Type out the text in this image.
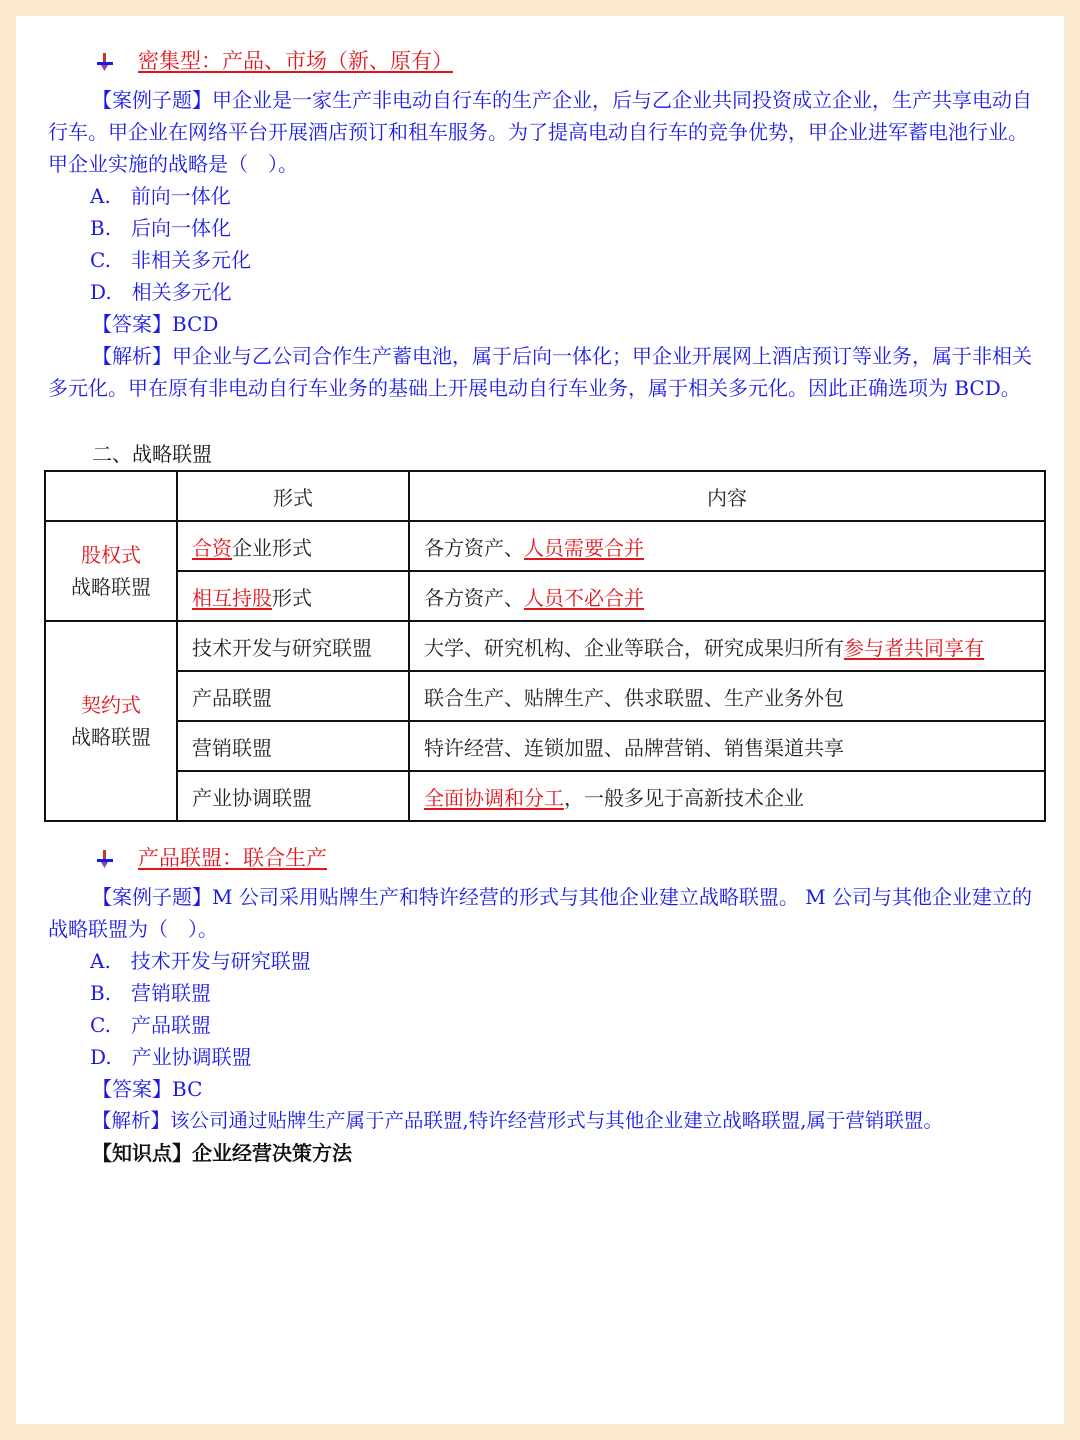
密集型：产品、市场（新、原有）

【案例子题】甲企业是一家生产非电动自行车的生产企业，后与乙企业共同投资成立企业，生产共享电动自行车。甲企业在网络平台开展酒店预订和租车服务。为了提高电动自行车的竞争优势，甲企业进军蓄电池行业。 甲企业实施的战略是（　）。

A.　前向一体化

B.　后向一体化

C.　非相关多元化

D.　相关多元化

【答案】BCD

【解析】甲企业与乙公司合作生产蓄电池，属于后向一体化；甲企业开展网上酒店预订等业务，属于非相关多元化。甲在原有非电动自行车业务的基础上开展电动自行车业务，属于相关多元化。因此正确选项为 BCD。

二、战略联盟
	形式	内容

股权式
战略联盟	合资企业形式	各方资产、人员需要合并
	相互持股形式	各方资产、人员不必合并

契约式
战略联盟	技术开发与研究联盟	大学、研究机构、企业等联合，研究成果归所有参与者共同享有
	产品联盟	联合生产、贴牌生产、供求联盟、生产业务外包
	营销联盟	特许经营、连锁加盟、品牌营销、销售渠道共享
	产业协调联盟	全面协调和分工，一般多见于高新技术企业
产品联盟：联合生产

【案例子题】M 公司采用贴牌生产和特许经营的形式与其他企业建立战略联盟。 M 公司与其他企业建立的战略联盟为（　）。

A.　技术开发与研究联盟

B.　营销联盟

C.　产品联盟

D.　产业协调联盟

【答案】BC

【解析】该公司通过贴牌生产属于产品联盟,特许经营形式与其他企业建立战略联盟,属于营销联盟。

【知识点】企业经营决策方法
